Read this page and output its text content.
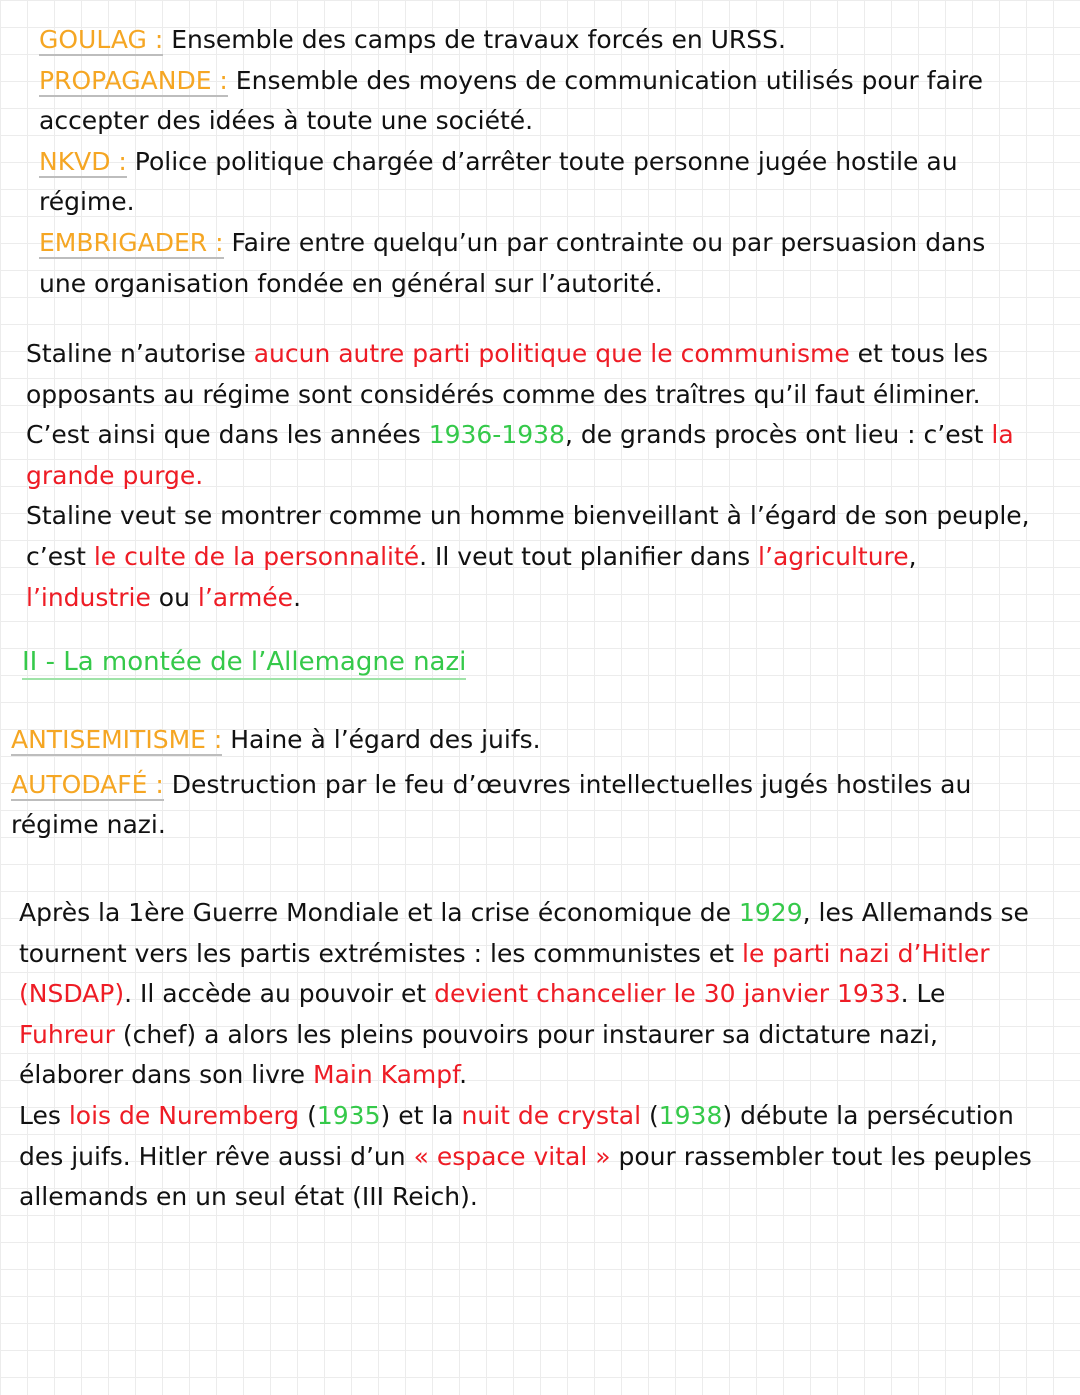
GOULAG : Ensemble des camps de travaux forcés en URSS.
PROPAGANDE : Ensemble des moyens de communication utilisés pour faire
accepter des idées à toute une société.
NKVD : Police politique chargée d’arrêter toute personne jugée hostile au
régime.
EMBRIGADER : Faire entre quelqu’un par contrainte ou par persuasion dans
une organisation fondée en général sur l’autorité.
Staline n’autorise aucun autre parti politique que le communisme et tous les
opposants au régime sont considérés comme des traîtres qu’il faut éliminer.
C’est ainsi que dans les années 1936-1938, de grands procès ont lieu : c’est la
grande purge.
Staline veut se montrer comme un homme bienveillant à l’égard de son peuple,
c’est le culte de la personnalité. Il veut tout planifier dans l’agriculture,
l’industrie ou l’armée.
II - La montée de l’Allemagne nazi
ANTISEMITISME : Haine à l’égard des juifs.
AUTODAFÉ : Destruction par le feu d’œuvres intellectuelles jugés hostiles au
régime nazi.
Après la 1ère Guerre Mondiale et la crise économique de 1929, les Allemands se
tournent vers les partis extrémistes : les communistes et le parti nazi d’Hitler
(NSDAP). Il accède au pouvoir et devient chancelier le 30 janvier 1933. Le
Fuhreur (chef) a alors les pleins pouvoirs pour instaurer sa dictature nazi,
élaborer dans son livre Main Kampf.
Les lois de Nuremberg (1935) et la nuit de crystal (1938) débute la persécution
des juifs. Hitler rêve aussi d’un « espace vital » pour rassembler tout les peuples
allemands en un seul état (III Reich).
